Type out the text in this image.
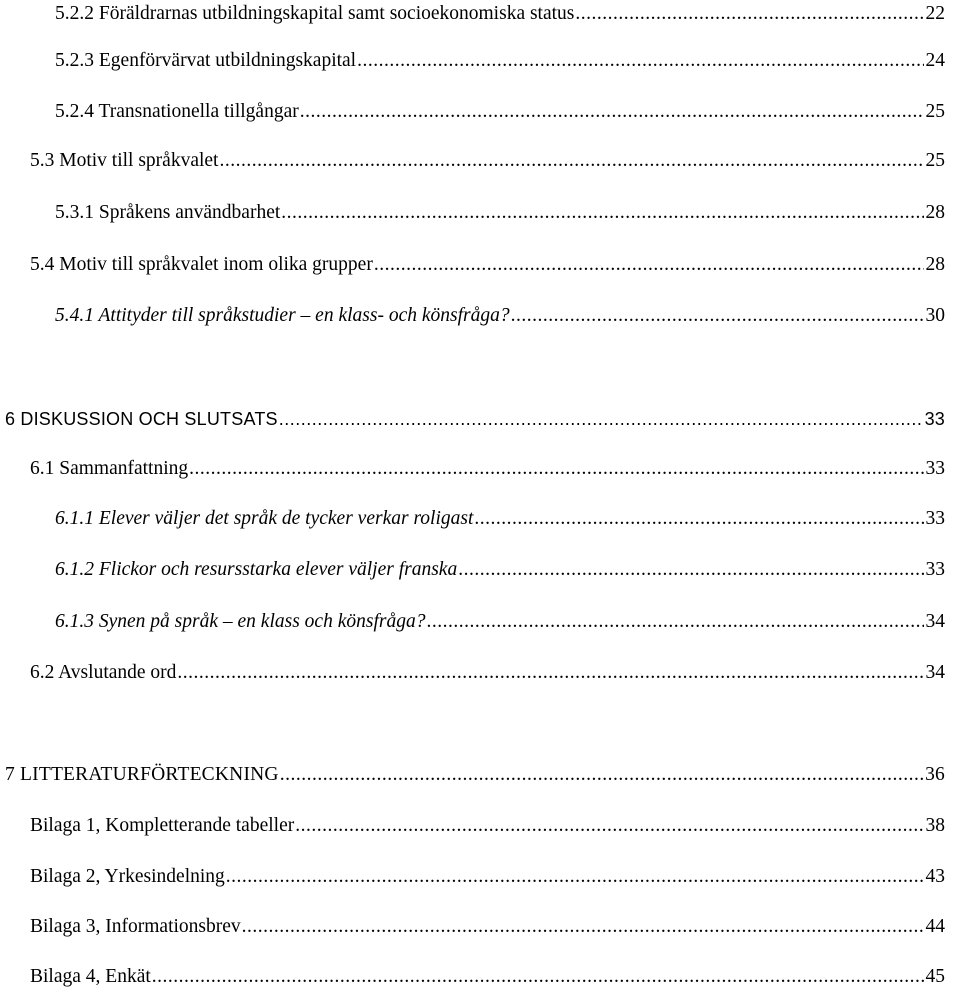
5.2.2 Föräldrarnas utbildningskapital samt socioekonomiska status .....	22
5.2.3 Egenförvärvat utbildningskapital .....	24
5.2.4 Transnationella tillgångar .....	25
5.3 Motiv till språkvalet .....	25
5.3.1 Språkens användbarhet .....	28
5.4 Motiv till språkvalet inom olika grupper .....	28
5.4.1 Attityder till språkstudier – en klass- och könsfråga? .....	30
6 DISKUSSION OCH SLUTSATS .....	33
6.1 Sammanfattning .....	33
6.1.1 Elever väljer det språk de tycker verkar roligast .....	33
6.1.2 Flickor och resursstarka elever väljer franska .....	33
6.1.3 Synen på språk – en klass och könsfråga? .....	34
6.2 Avslutande ord .....	34
7 LITTERATURFÖRTECKNING .....	36
Bilaga 1, Kompletterande tabeller .....	38
Bilaga 2, Yrkesindelning .....	43
Bilaga 3, Informationsbrev .....	44
Bilaga 4, Enkät .....	45
